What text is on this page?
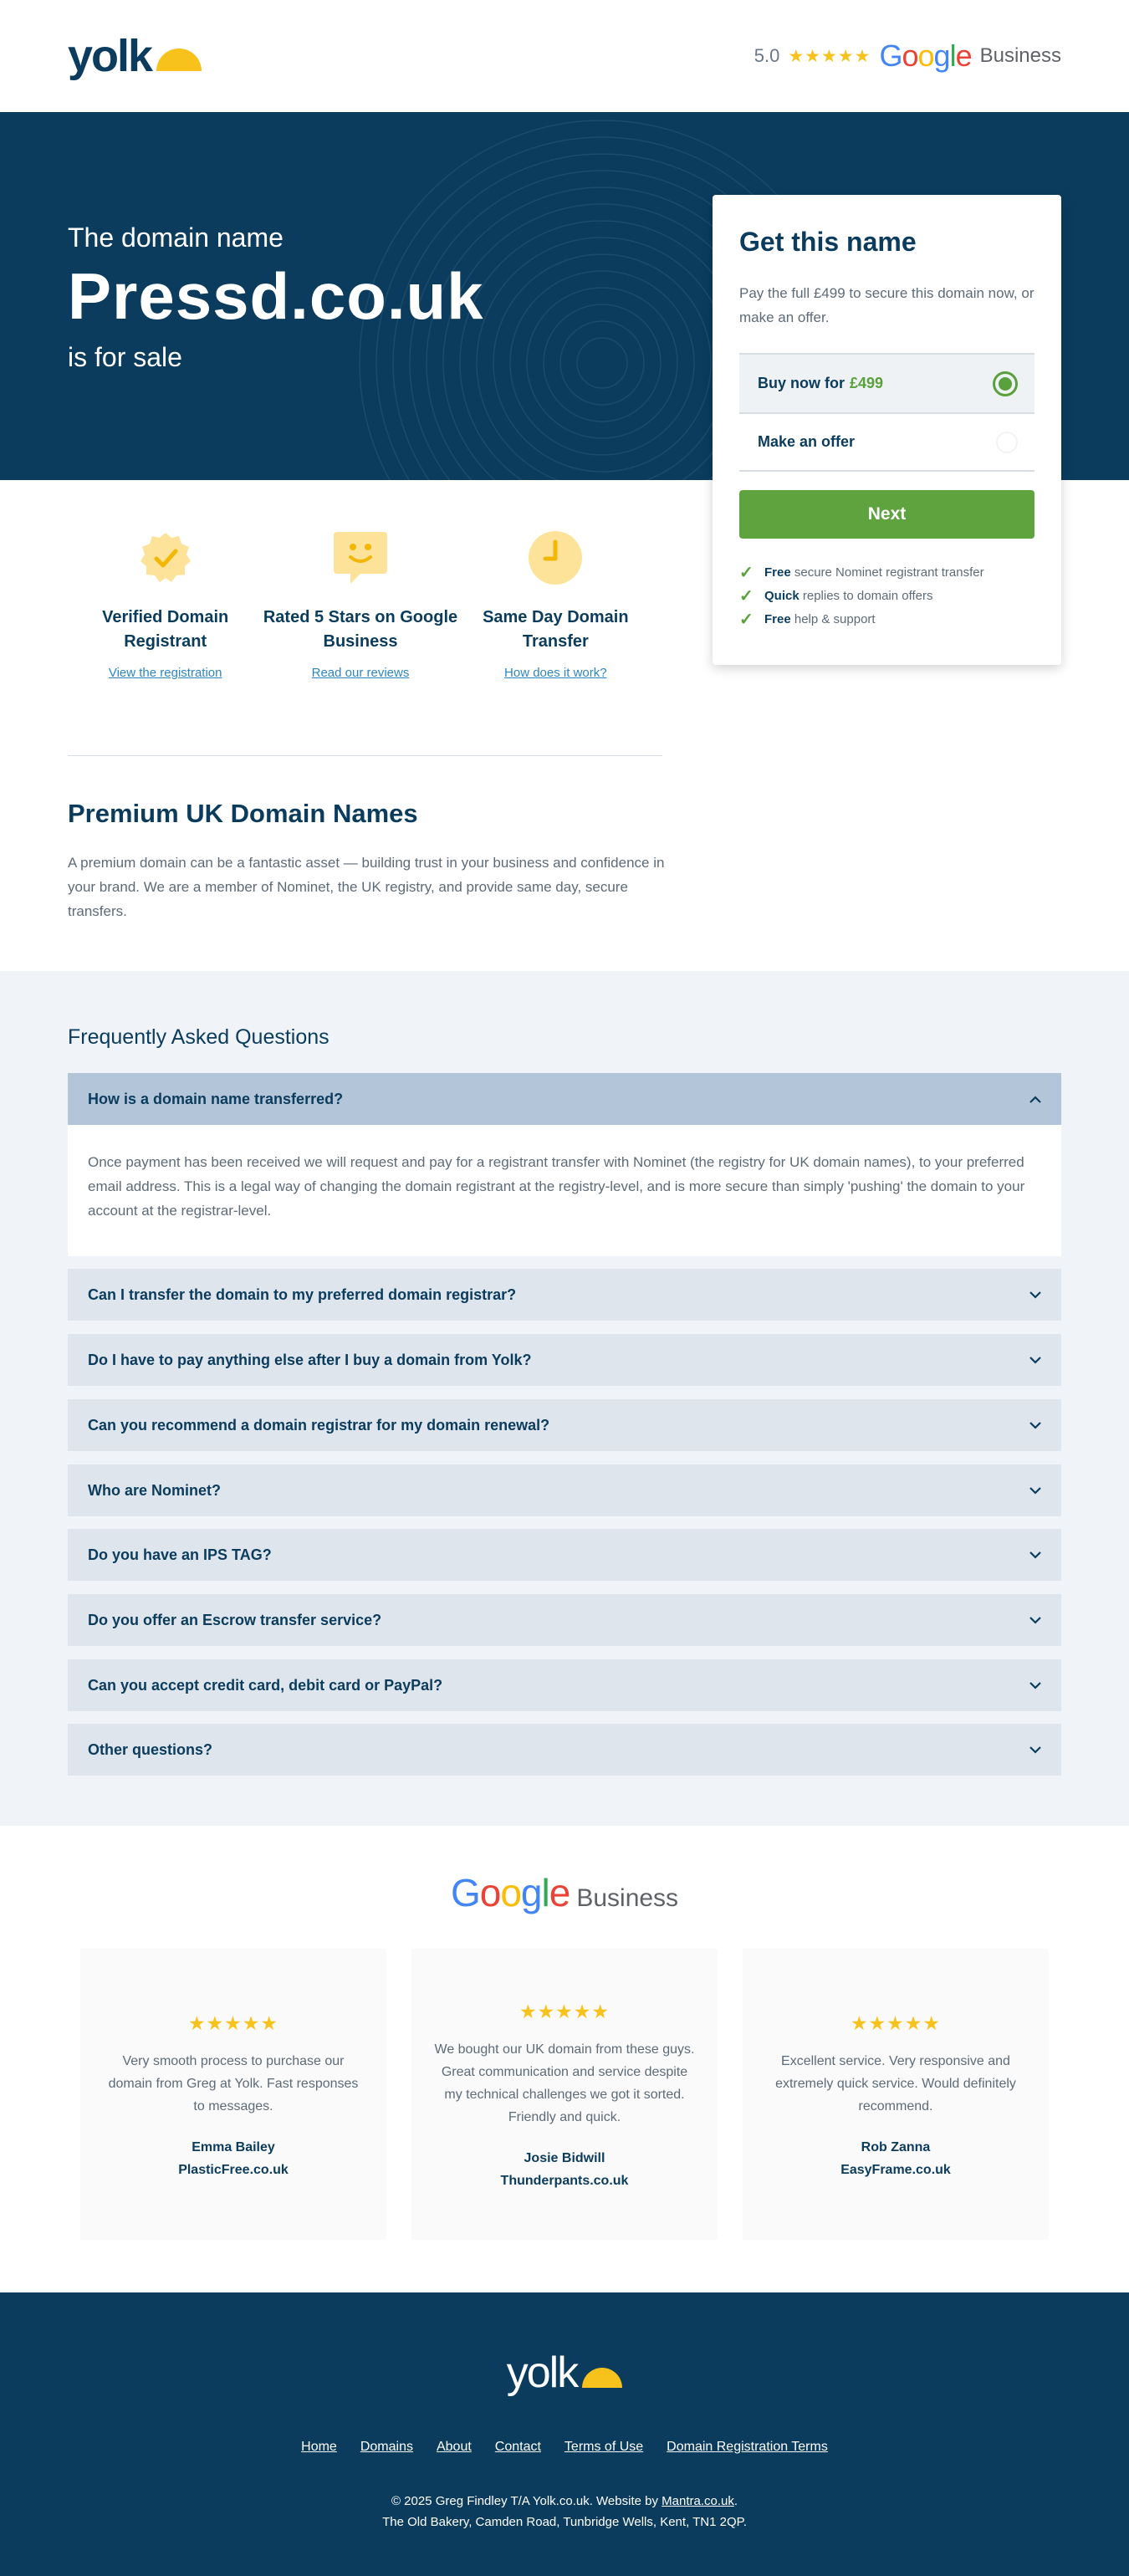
yolk	5.0 ★★★★★ Google Business
The domain name
Pressd.co.uk
is for sale
Verified Domain Registrant
View the registration
Rated 5 Stars on Google Business
Read our reviews
Same Day Domain Transfer
How does it work?
Premium UK Domain Names
A premium domain can be a fantastic asset — building trust in your business and confidence in your brand. We are a member of Nominet, the UK registry, and provide same day, secure transfers.
Get this name
Pay the full £499 to secure this domain now, or make an offer.
Buy now for £499
Make an offer
Next
✓ Free secure Nominet registrant transfer
✓ Quick replies to domain offers
✓ Free help & support
Frequently Asked Questions
How is a domain name transferred?
Once payment has been received we will request and pay for a registrant transfer with Nominet (the registry for UK domain names), to your preferred email address. This is a legal way of changing the domain registrant at the registry-level, and is more secure than simply 'pushing' the domain to your account at the registrar-level.
Can I transfer the domain to my preferred domain registrar?
Do I have to pay anything else after I buy a domain from Yolk?
Can you recommend a domain registrar for my domain renewal?
Who are Nominet?
Do you have an IPS TAG?
Do you offer an Escrow transfer service?
Can you accept credit card, debit card or PayPal?
Other questions?
Google Business
★★★★★
Very smooth process to purchase our domain from Greg at Yolk. Fast responses to messages.
Emma Bailey
PlasticFree.co.uk
★★★★★
We bought our UK domain from these guys. Great communication and service despite my technical challenges we got it sorted. Friendly and quick.
Josie Bidwill
Thunderpants.co.uk
★★★★★
Excellent service. Very responsive and extremely quick service. Would definitely recommend.
Rob Zanna
EasyFrame.co.uk
yolk
Home Domains About Contact Terms of Use Domain Registration Terms
© 2025 Greg Findley T/A Yolk.co.uk. Website by Mantra.co.uk.
The Old Bakery, Camden Road, Tunbridge Wells, Kent, TN1 2QP.
